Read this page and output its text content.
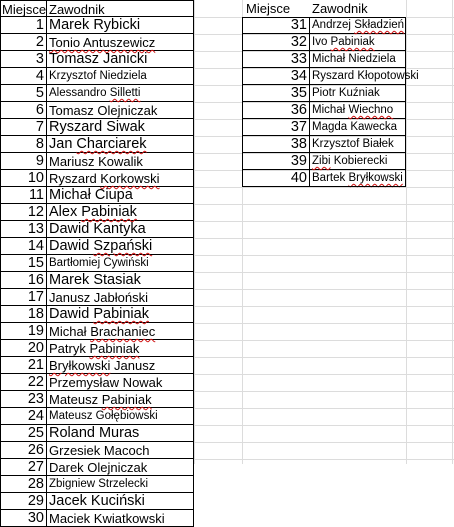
Miejsce Zawodnik
1 Marek Rybicki
2 Tonio Antuszewicz
3 Tomasz Janicki
4 Krzysztof Niedziela
5 Alessandro Silletti
6 Tomasz Olejniczak
7 Ryszard Siwak
8 Jan Charciarek
9 Mariusz Kowalik
10 Ryszard Korkowski
11 Michał Ciupa
12 Alex Pabiniak
13 Dawid Kantyka
14 Dawid Szpański
15 Bartłomiej Cywiński
16 Marek Stasiak
17 Janusz Jabłoński
18 Dawid Pabiniak
19 Michał Brachaniec
20 Patryk Pabiniak
21 Bryłkowski Janusz
22 Przemysław Nowak
23 Mateusz Pabiniak
24 Mateusz Gołębiowski
25 Roland Muras
26 Grzesiek Macoch
27 Darek Olejniczak
28 Zbigniew Strzelecki
29 Jacek Kuciński
30 Maciek Kwiatkowski
Miejsce	Zawodnik
31 Andrzej Składzień
32 Ivo Pabiniak
33 Michał Niedziela
34 Ryszard Kłopotowski
35 Piotr Kuźniak
36 Michał Wiechno
37 Magda Kawecka
38 Krzysztof Białek
39 Zibi Kobierecki
40 Bartek Bryłkowski
